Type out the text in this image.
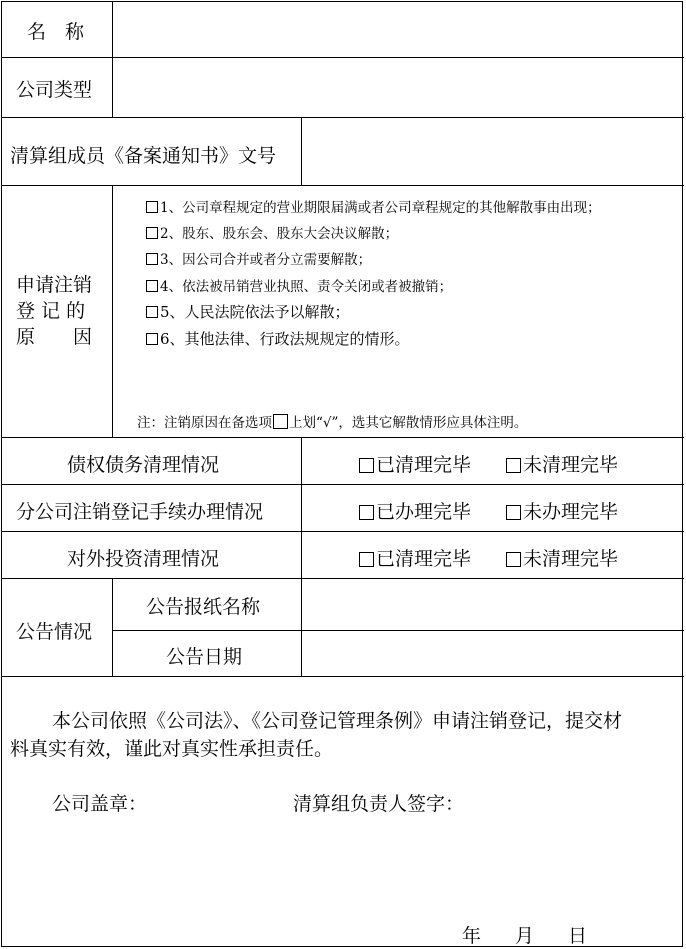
名　称
公司类型
清算组成员《备案通知书》文号
申请注销
登 记 的
原　　因
1、公司章程规定的营业期限届满或者公司章程规定的其他解散事由出现；
2、股东、股东会、股东大会决议解散；
3、因公司合并或者分立需要解散；
4、依法被吊销营业执照、责令关闭或者被撤销；
5、人民法院依法予以解散；
6、其他法律、行政法规规定的情形。
注：注销原因在备选项 上划“√”，选其它解散情形应具体注明。
债权债务清理情况	已清理完毕	未清理完毕
分公司注销登记手续办理情况	已办理完毕	未办理完毕
对外投资清理情况	已清理完毕	未清理完毕
公告情况
公告报纸名称
公告日期
本公司依照《公司法》、《公司登记管理条例》申请注销登记，提交材
料真实有效，谨此对真实性承担责任。
公司盖章：	清算组负责人签字：
年 月 日
